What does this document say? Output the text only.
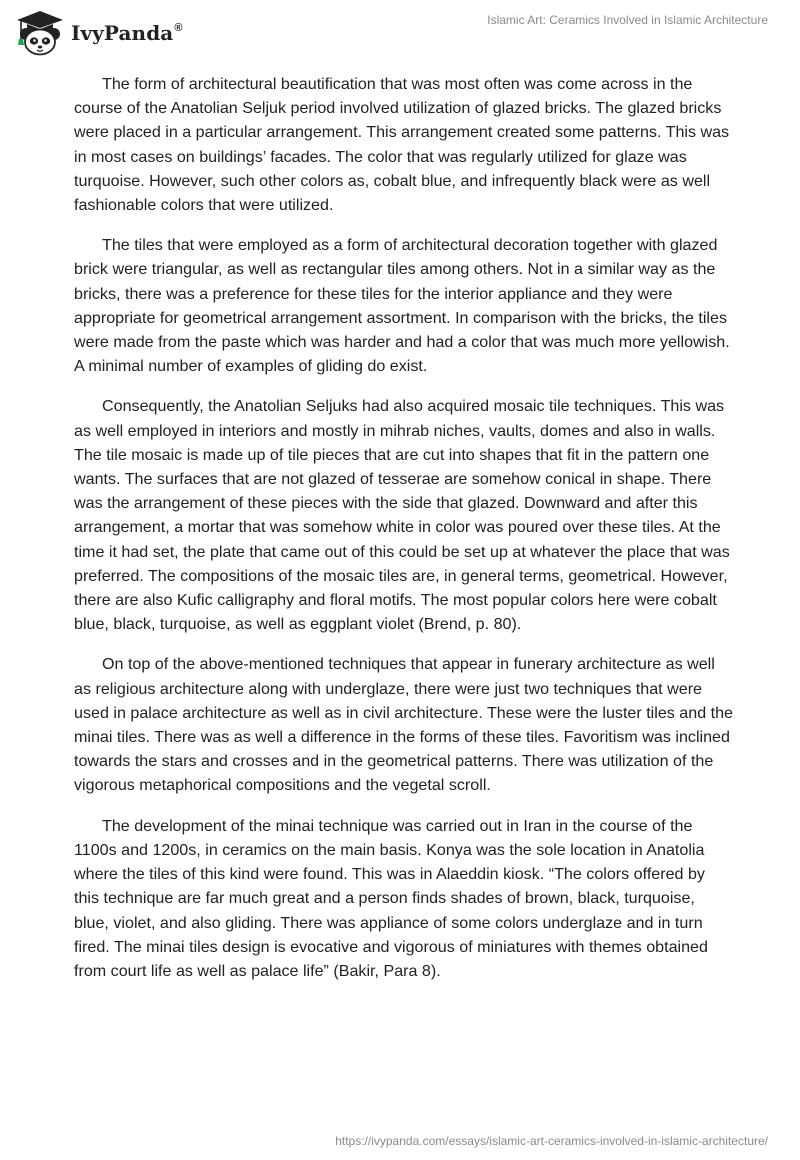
IvyPanda®
Islamic Art: Ceramics Involved in Islamic Architecture

The form of architectural beautification that was most often was come across in the course of the Anatolian Seljuk period involved utilization of glazed bricks. The glazed bricks were placed in a particular arrangement. This arrangement created some patterns. This was in most cases on buildings’ facades. The color that was regularly utilized for glaze was turquoise. However, such other colors as, cobalt blue, and infrequently black were as well fashionable colors that were utilized.

The tiles that were employed as a form of architectural decoration together with glazed brick were triangular, as well as rectangular tiles among others. Not in a similar way as the bricks, there was a preference for these tiles for the interior appliance and they were appropriate for geometrical arrangement assortment. In comparison with the bricks, the tiles were made from the paste which was harder and had a color that was much more yellowish. A minimal number of examples of gliding do exist.

Consequently, the Anatolian Seljuks had also acquired mosaic tile techniques. This was as well employed in interiors and mostly in mihrab niches, vaults, domes and also in walls. The tile mosaic is made up of tile pieces that are cut into shapes that fit in the pattern one wants. The surfaces that are not glazed of tesserae are somehow conical in shape. There was the arrangement of these pieces with the side that glazed. Downward and after this arrangement, a mortar that was somehow white in color was poured over these tiles. At the time it had set, the plate that came out of this could be set up at whatever the place that was preferred. The compositions of the mosaic tiles are, in general terms, geometrical. However, there are also Kufic calligraphy and floral motifs. The most popular colors here were cobalt blue, black, turquoise, as well as eggplant violet (Brend, p. 80).

On top of the above-mentioned techniques that appear in funerary architecture as well as religious architecture along with underglaze, there were just two techniques that were used in palace architecture as well as in civil architecture. These were the luster tiles and the minai tiles. There was as well a difference in the forms of these tiles. Favoritism was inclined towards the stars and crosses and in the geometrical patterns. There was utilization of the vigorous metaphorical compositions and the vegetal scroll.

The development of the minai technique was carried out in Iran in the course of the 1100s and 1200s, in ceramics on the main basis. Konya was the sole location in Anatolia where the tiles of this kind were found. This was in Alaeddin kiosk. “The colors offered by this technique are far much great and a person finds shades of brown, black, turquoise, blue, violet, and also gliding. There was appliance of some colors underglaze and in turn fired. The minai tiles design is evocative and vigorous of miniatures with themes obtained from court life as well as palace life” (Bakir, Para 8).

https://ivypanda.com/essays/islamic-art-ceramics-involved-in-islamic-architecture/
